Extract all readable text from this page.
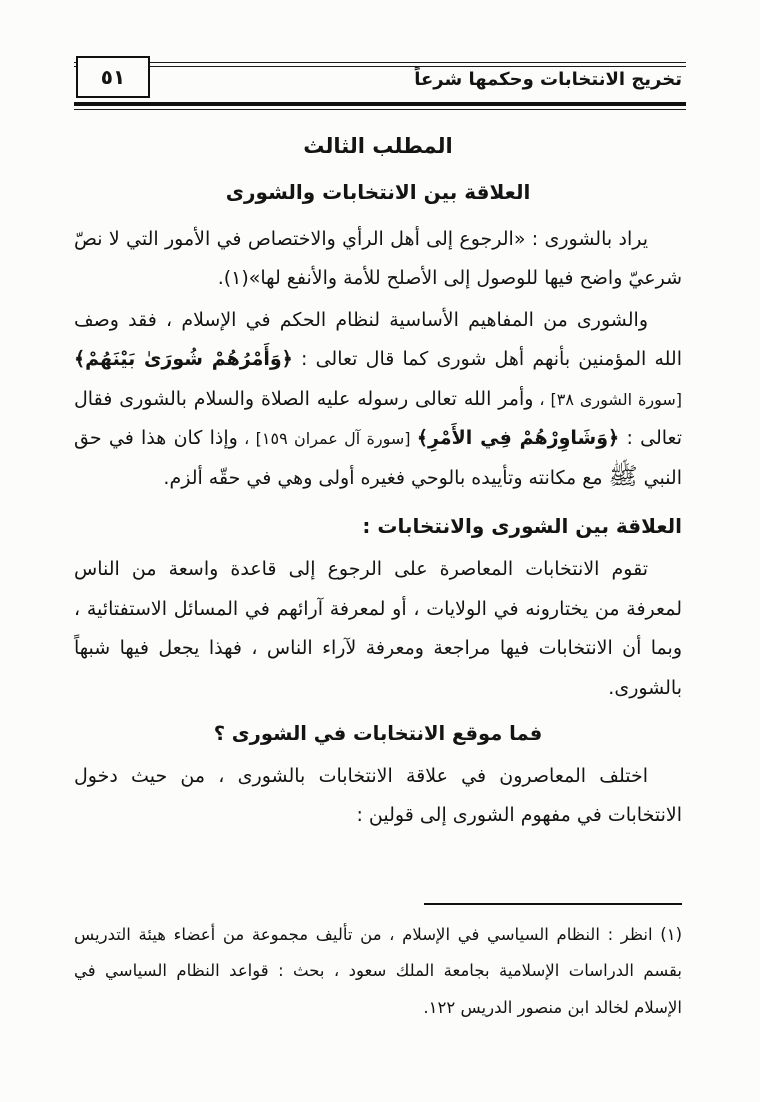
٥١	تخريج الانتخابات وحكمها شرعاً
المطلب الثالث
العلاقة بين الانتخابات والشورى

يراد بالشورى : «الرجوع إلى أهل الرأي والاختصاص في الأمور التي لا نصّ شرعيّ واضح فيها للوصول إلى الأصلح للأمة والأنفع لها»(١).

والشورى من المفاهيم الأساسية لنظام الحكم في الإسلام ، فقد وصف الله المؤمنين بأنهم أهل شورى كما قال تعالى : ﴿وَأَمْرُهُمْ شُورَىٰ بَيْنَهُمْ﴾ [سورة الشورى ٣٨] ، وأمر الله تعالى رسوله عليه الصلاة والسلام بالشورى فقال تعالى : ﴿وَشَاوِرْهُمْ فِي الأَمْرِ﴾ [سورة آل عمران ١٥٩] ، وإذا كان هذا في حق النبي ﷺ مع مكانته وتأييده بالوحي فغيره أولى وهي في حقّه ألزم.

العلاقة بين الشورى والانتخابات :

تقوم الانتخابات المعاصرة على الرجوع إلى قاعدة واسعة من الناس لمعرفة من يختارونه في الولايات ، أو لمعرفة آرائهم في المسائل الاستفتائية ، وبما أن الانتخابات فيها مراجعة ومعرفة لآراء الناس ، فهذا يجعل فيها شبهاً بالشورى.

فما موقع الانتخابات في الشورى ؟

اختلف المعاصرون في علاقة الانتخابات بالشورى ، من حيث دخول الانتخابات في مفهوم الشورى إلى قولين :

(١) انظر : النظام السياسي في الإسلام ، من تأليف مجموعة من أعضاء هيئة التدريس بقسم الدراسات الإسلامية بجامعة الملك سعود ، بحث : قواعد النظام السياسي في الإسلام لخالد ابن منصور الدريس ١٢٢.
